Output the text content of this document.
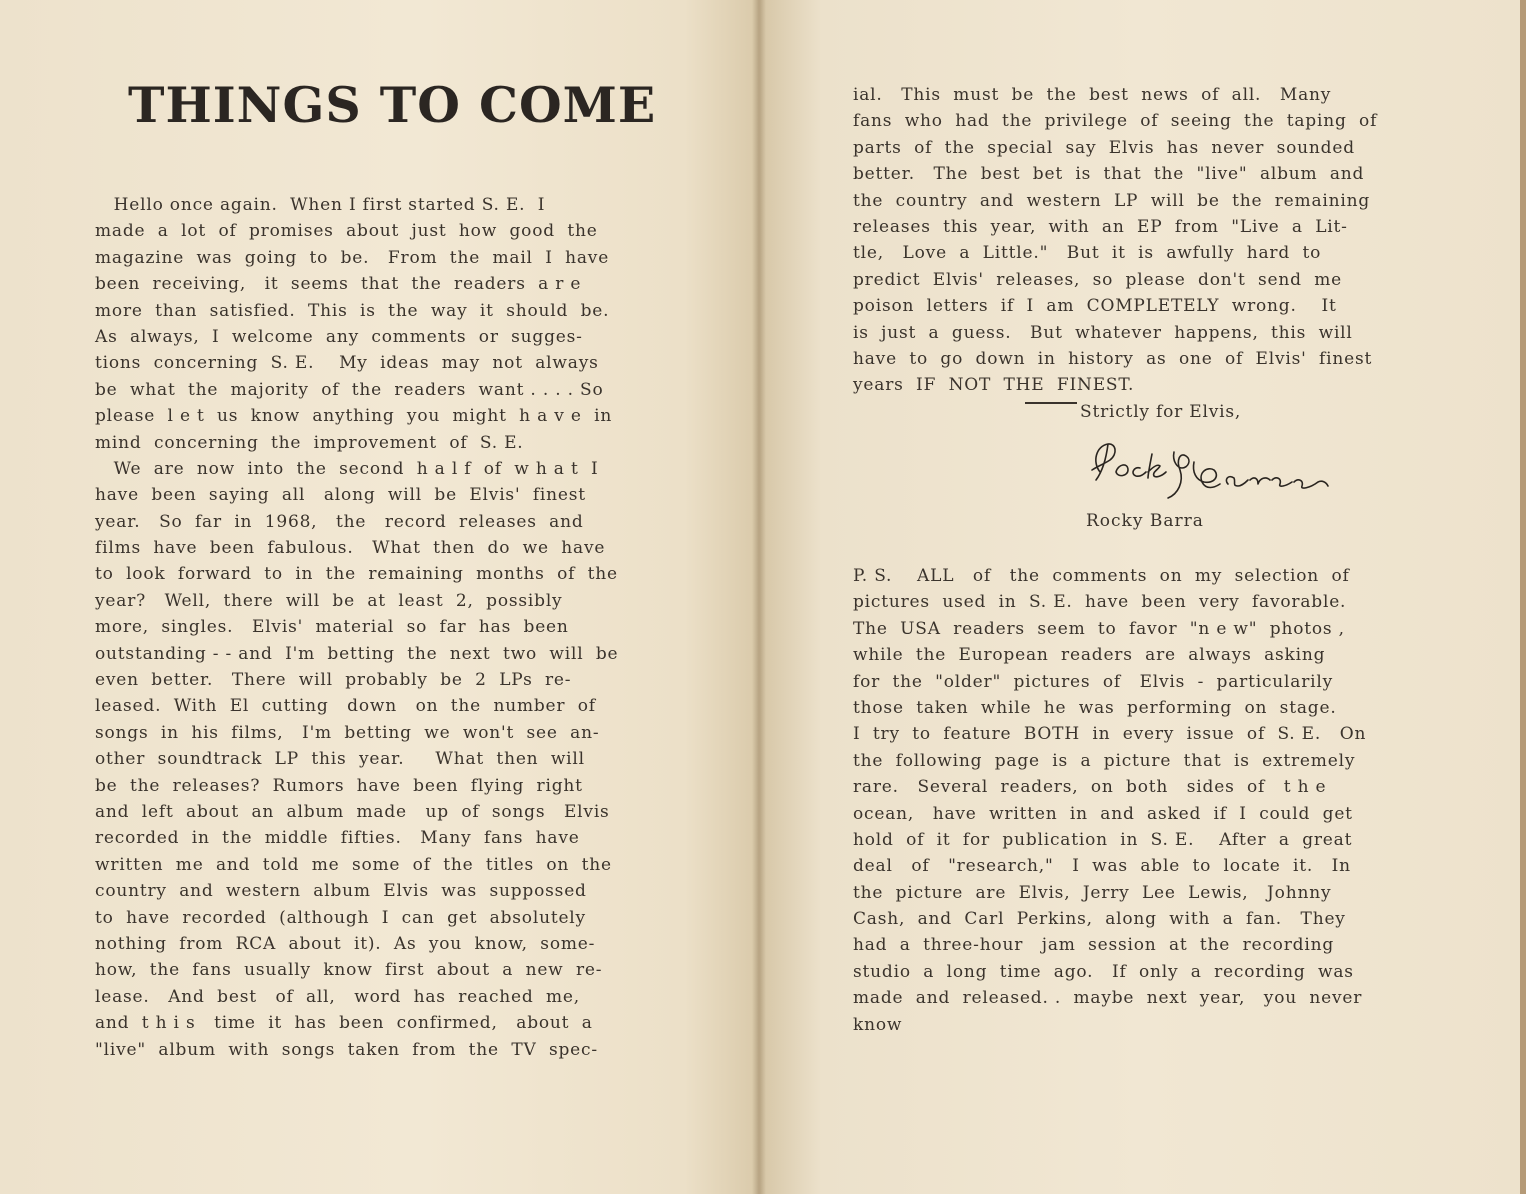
THINGS TO COME
Hello once again.  When I first started S. E.  I
made  a  lot  of  promises  about  just  how  good  the
magazine  was  going  to  be.   From  the  mail  I  have
been  receiving,   it  seems  that  the  readers  a r e
more  than  satisfied.  This  is  the  way  it  should  be.
As  always,  I  welcome  any  comments  or  sugges-
tions  concerning  S. E.    My  ideas  may  not  always
be  what  the  majority  of  the  readers  want . . . . So
please  l e t  us  know  anything  you  might  h a v e  in
mind  concerning  the  improvement  of  S. E.
We  are  now  into  the  second  h a l f  of  w h a t  I
have  been  saying  all   along  will  be  Elvis'  finest
year.   So  far  in  1968,   the   record  releases  and
films  have  been  fabulous.   What  then  do  we  have
to  look  forward  to  in  the  remaining  months  of  the
year?   Well,  there  will  be  at  least  2,  possibly
more,  singles.   Elvis'  material  so  far  has  been
outstanding - - and  I'm  betting  the  next  two  will  be
even  better.   There  will  probably  be  2  LPs  re-
leased.  With  El  cutting   down   on  the  number  of
songs  in  his  films,   I'm  betting  we  won't  see  an-
other  soundtrack  LP  this  year.     What  then  will
be  the  releases?  Rumors  have  been  flying  right
and  left  about  an  album  made   up  of  songs   Elvis
recorded  in  the  middle  fifties.   Many  fans  have
written  me  and  told  me  some  of  the  titles  on  the
country  and  western  album  Elvis  was  suppossed
to  have  recorded  (although  I  can  get  absolutely
nothing  from  RCA  about  it).  As  you  know,  some-
how,  the  fans  usually  know  first  about  a  new  re-
lease.   And  best   of  all,   word  has  reached  me,
and  t h i s   time  it  has  been  confirmed,   about  a
"live"  album  with  songs  taken  from  the  TV  spec-
ial.   This  must  be  the  best  news  of  all.   Many
fans  who  had  the  privilege  of  seeing  the  taping  of
parts  of  the  special  say  Elvis  has  never  sounded
better.   The  best  bet  is  that  the  "live"  album  and
the  country  and  western  LP  will  be  the  remaining
releases  this  year,  with  an  EP  from  "Live  a  Lit-
tle,   Love  a  Little."   But  it  is  awfully  hard  to
predict  Elvis'  releases,  so  please  don't  send  me
poison  letters  if  I  am  COMPLETELY  wrong.    It
is  just  a  guess.   But  whatever  happens,  this  will
have  to  go  down  in  history  as  one  of  Elvis'  finest
years  IF  NOT  THE  FINEST.
Strictly for Elvis,
Rocky Barra
P. S.    ALL   of   the  comments  on  my  selection  of
pictures  used  in  S. E.  have  been  very  favorable.
The  USA  readers  seem  to  favor  "n e w"  photos ,
while  the  European  readers  are  always  asking
for  the  "older"  pictures  of   Elvis  -  particularily
those  taken  while  he  was  performing  on  stage.
I  try  to  feature  BOTH  in  every  issue  of  S. E.   On
the  following  page  is  a  picture  that  is  extremely
rare.   Several  readers,  on  both   sides  of   t h e
ocean,   have  written  in  and  asked  if  I  could  get
hold  of  it  for  publication  in  S. E.    After  a  great
deal   of   "research,"   I  was  able  to  locate  it.   In
the  picture  are  Elvis,  Jerry  Lee  Lewis,   Johnny
Cash,  and  Carl  Perkins,  along  with  a  fan.   They
had  a  three-hour   jam  session  at  the  recording
studio  a  long  time  ago.   If  only  a  recording  was
made  and  released. .  maybe  next  year,   you  never
know
